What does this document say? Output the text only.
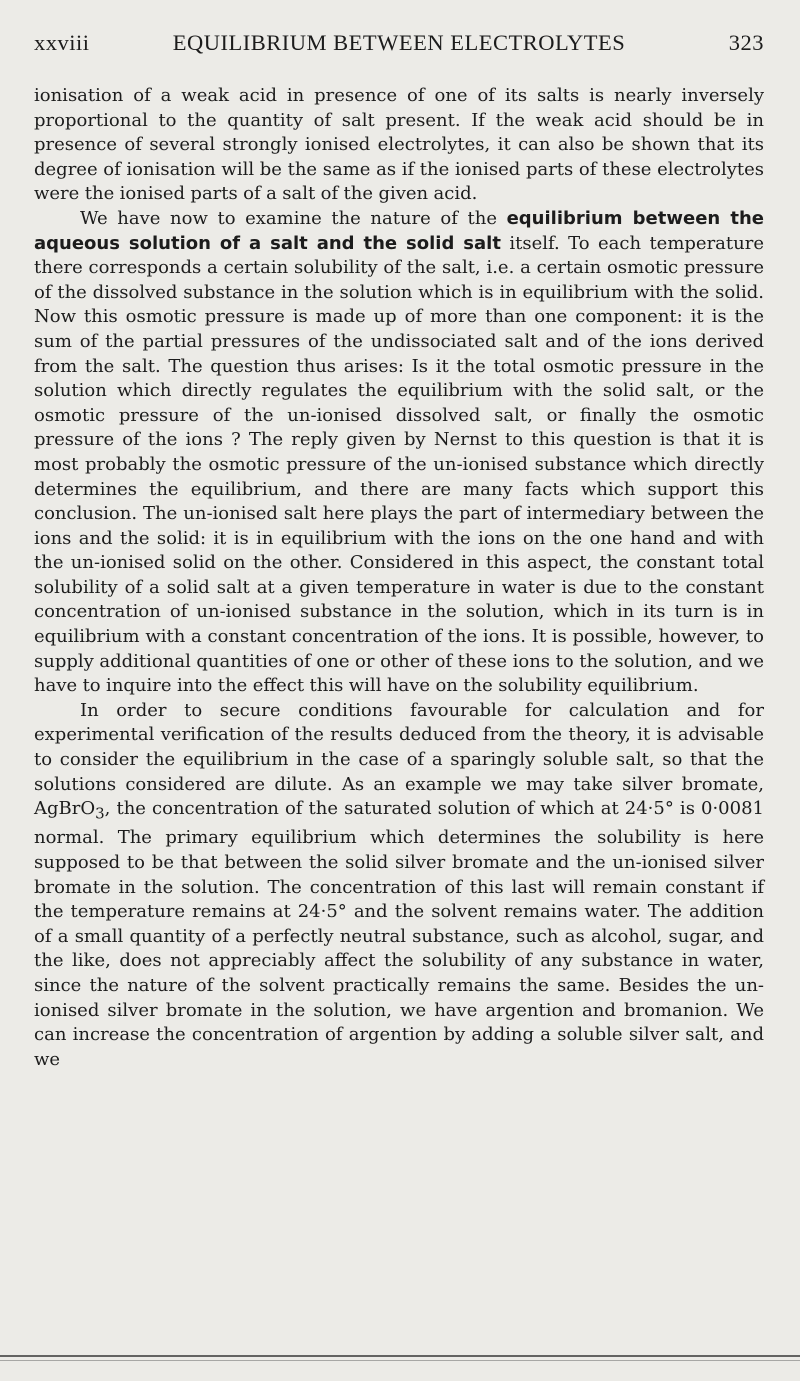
xxviii	EQUILIBRIUM BETWEEN ELECTROLYTES	323

ionisation of a weak acid in presence of one of its salts is nearly inversely proportional to the quantity of salt present. If the weak acid should be in presence of several strongly ionised electrolytes, it can also be shown that its degree of ionisation will be the same as if the ionised parts of these electrolytes were the ionised parts of a salt of the given acid.

We have now to examine the nature of the equilibrium between the aqueous solution of a salt and the solid salt itself. To each temperature there corresponds a certain solubility of the salt, i.e. a certain osmotic pressure of the dissolved substance in the solution which is in equilibrium with the solid. Now this osmotic pressure is made up of more than one component: it is the sum of the partial pressures of the undissociated salt and of the ions derived from the salt. The question thus arises: Is it the total osmotic pressure in the solution which directly regulates the equilibrium with the solid salt, or the osmotic pressure of the un-ionised dissolved salt, or finally the osmotic pressure of the ions ? The reply given by Nernst to this question is that it is most probably the osmotic pressure of the un-ionised substance which directly determines the equilibrium, and there are many facts which support this conclusion. The un-ionised salt here plays the part of intermediary between the ions and the solid: it is in equilibrium with the ions on the one hand and with the un-ionised solid on the other. Considered in this aspect, the constant total solubility of a solid salt at a given temperature in water is due to the constant concentration of un-ionised substance in the solution, which in its turn is in equilibrium with a constant concentration of the ions. It is possible, however, to supply additional quantities of one or other of these ions to the solution, and we have to inquire into the effect this will have on the solubility equilibrium.

In order to secure conditions favourable for calculation and for experimental verification of the results deduced from the theory, it is advisable to consider the equilibrium in the case of a sparingly soluble salt, so that the solutions considered are dilute. As an example we may take silver bromate, AgBrO$_3$, the concentration of the saturated solution of which at 24·5° is 0·0081 normal. The primary equilibrium which determines the solubility is here supposed to be that between the solid silver bromate and the un-ionised silver bromate in the solution. The concentration of this last will remain constant if the temperature remains at 24·5° and the solvent remains water. The addition of a small quantity of a perfectly neutral substance, such as alcohol, sugar, and the like, does not appreciably affect the solubility of any substance in water, since the nature of the solvent practically remains the same. Besides the un-ionised silver bromate in the solution, we have argention and bromanion. We can increase the concentration of argention by adding a soluble silver salt, and we
